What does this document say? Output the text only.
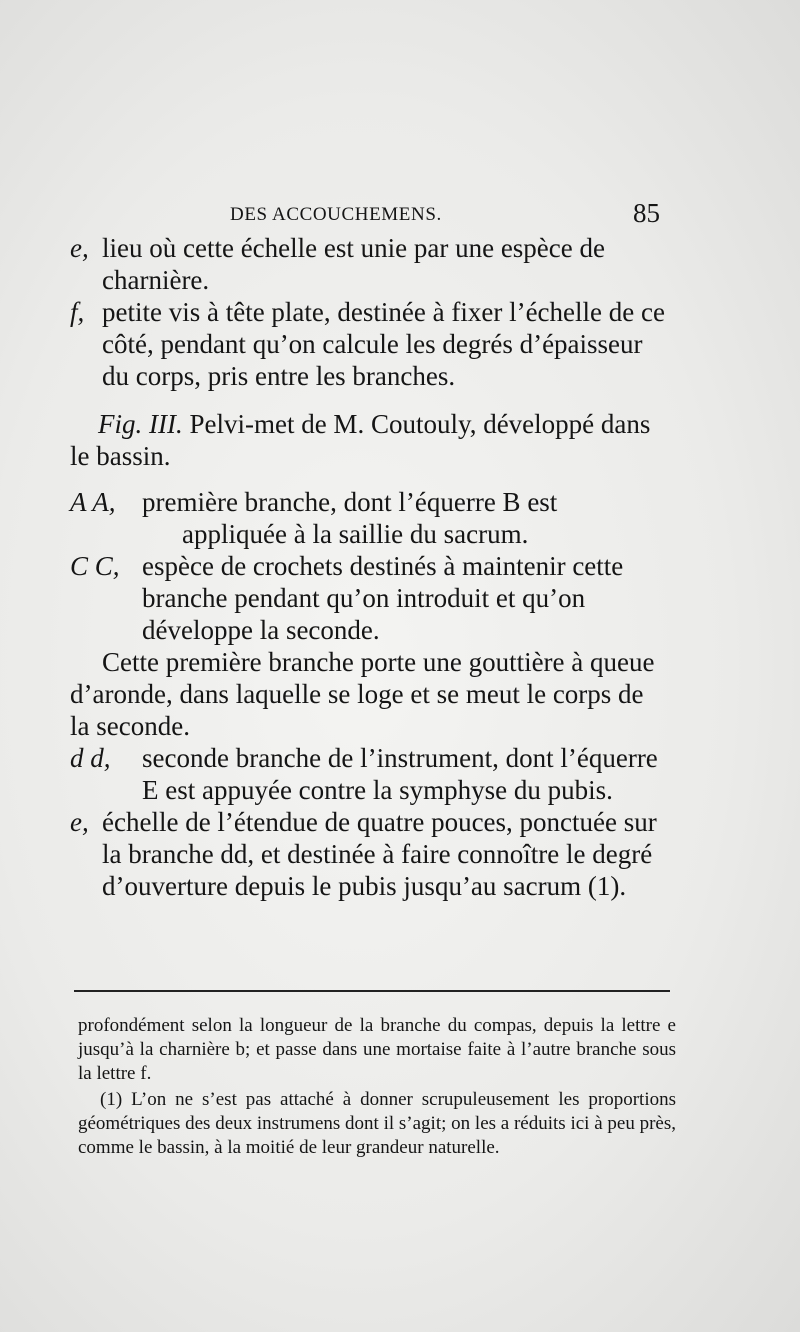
DES ACCOUCHEMENS.	85
e, lieu où cette échelle est unie par une espèce de charnière.
f, petite vis à tête plate, destinée à fixer l’échelle de ce côté, pendant qu’on calcule les degrés d’épaisseur du corps, pris entre les branches.
Fig. III. Pelvi-met de M. Coutouly, développé dans le bassin.
A A, première branche, dont l’équerre B est appliquée à la saillie du sacrum.
C C, espèce de crochets destinés à maintenir cette branche pendant qu’on introduit et qu’on développe la seconde.
Cette première branche porte une gouttière à queue d’aronde, dans laquelle se loge et se meut le corps de la seconde.
d d, seconde branche de l’instrument, dont l’équerre E est appuyée contre la symphyse du pubis.
e, échelle de l’étendue de quatre pouces, ponctuée sur la branche dd, et destinée à faire connoître le degré d’ouverture depuis le pubis jusqu’au sacrum (1).
profondément selon la longueur de la branche du compas, depuis la lettre e jusqu’à la charnière b; et passe dans une mortaise faite à l’autre branche sous la lettre f.
(1) L’on ne s’est pas attaché à donner scrupuleusement les proportions géométriques des deux instrumens dont il s’agit; on les a réduits ici à peu près, comme le bassin, à la moitié de leur grandeur naturelle.
